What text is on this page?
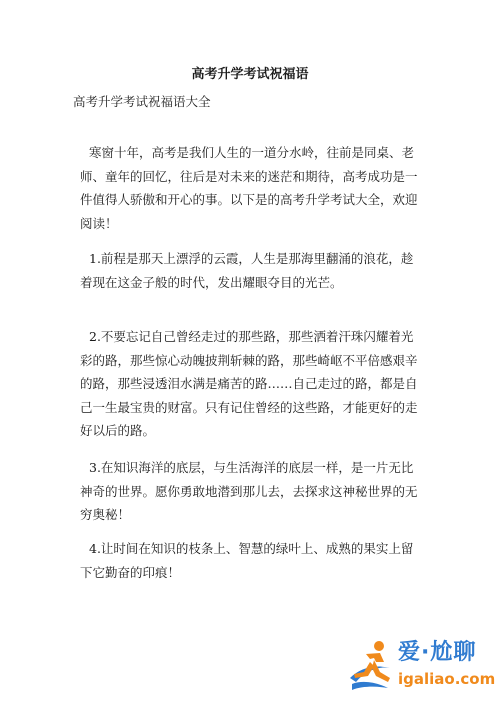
高考升学考试祝福语
高考升学考试祝福语大全

寒窗十年，高考是我们人生的一道分水岭，往前是同桌、老师、童年的回忆，往后是对未来的迷茫和期待，高考成功是一件值得人骄傲和开心的事。以下是的高考升学考试大全，欢迎阅读！

1.前程是那天上漂浮的云霞，人生是那海里翻涌的浪花，趁着现在这金子般的时代，发出耀眼夺目的光芒。

2.不要忘记自己曾经走过的那些路，那些洒着汗珠闪耀着光彩的路，那些惊心动魄披荆斩棘的路，那些崎岖不平倍感艰辛的路，那些浸透泪水满是痛苦的路……自己走过的路，都是自己一生最宝贵的财富。只有记住曾经的这些路，才能更好的走好以后的路。

3.在知识海洋的底层，与生活海洋的底层一样，是一片无比神奇的世界。愿你勇敢地潜到那儿去，去探求这神秘世界的无穷奥秘！

4.让时间在知识的枝条上、智慧的绿叶上、成熟的果实上留下它勤奋的印痕！

爱·尬聊
igaliao.com
